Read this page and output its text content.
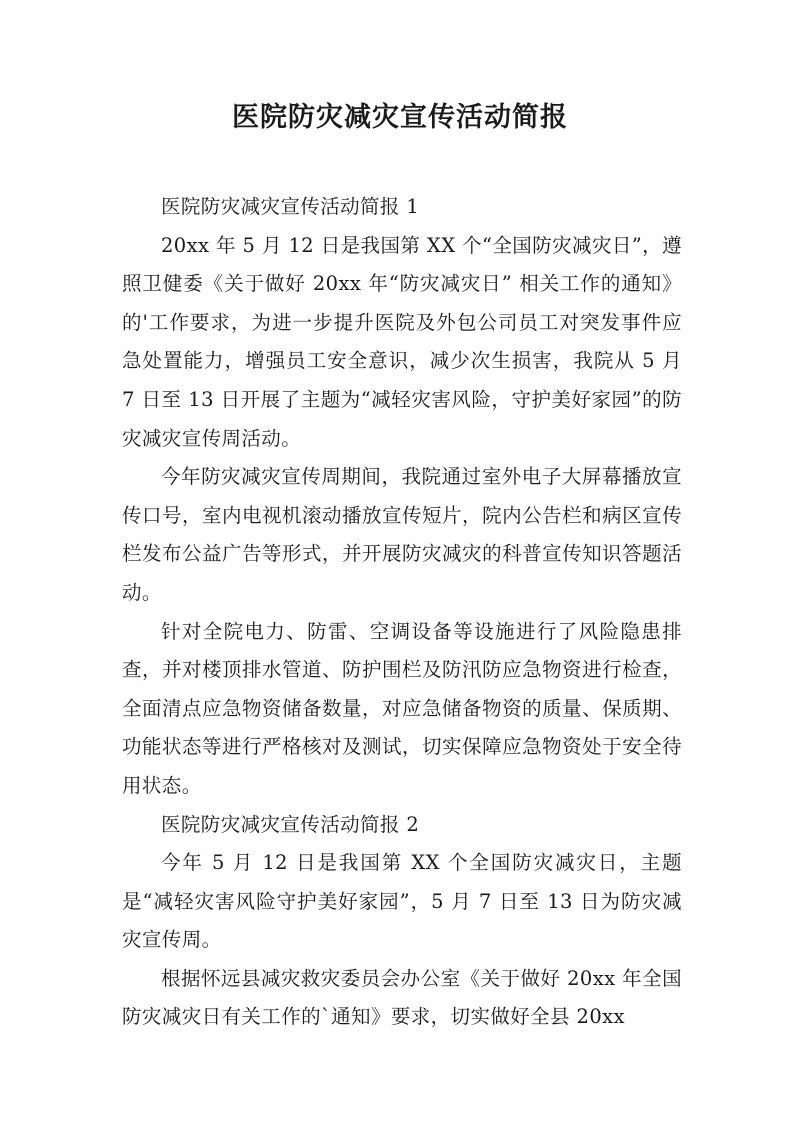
医院防灾减灾宣传活动简报

医院防灾减灾宣传活动简报 1

20xx 年 5 月 12 日是我国第 XX 个“全国防灾减灾日”，遵照卫健委《关于做好 20xx 年“防灾减灾日” 相关工作的通知》的'工作要求，为进一步提升医院及外包公司员工对突发事件应急处置能力，增强员工安全意识，减少次生损害，我院从 5 月 7 日至 13 日开展了主题为“减轻灾害风险，守护美好家园”的防灾减灾宣传周活动。

今年防灾减灾宣传周期间，我院通过室外电子大屏幕播放宣传口号，室内电视机滚动播放宣传短片，院内公告栏和病区宣传栏发布公益广告等形式，并开展防灾减灾的科普宣传知识答题活动。

针对全院电力、防雷、空调设备等设施进行了风险隐患排查，并对楼顶排水管道、防护围栏及防汛防应急物资进行检查，全面清点应急物资储备数量，对应急储备物资的质量、保质期、功能状态等进行严格核对及测试，切实保障应急物资处于安全待用状态。

医院防灾减灾宣传活动简报 2

今年 5 月 12 日是我国第 XX 个全国防灾减灾日，主题是“减轻灾害风险守护美好家园”，5 月 7 日至 13 日为防灾减灾宣传周。

根据怀远县减灾救灾委员会办公室《关于做好 20xx 年全国防灾减灾日有关工作的`通知》要求，切实做好全县 20xx
